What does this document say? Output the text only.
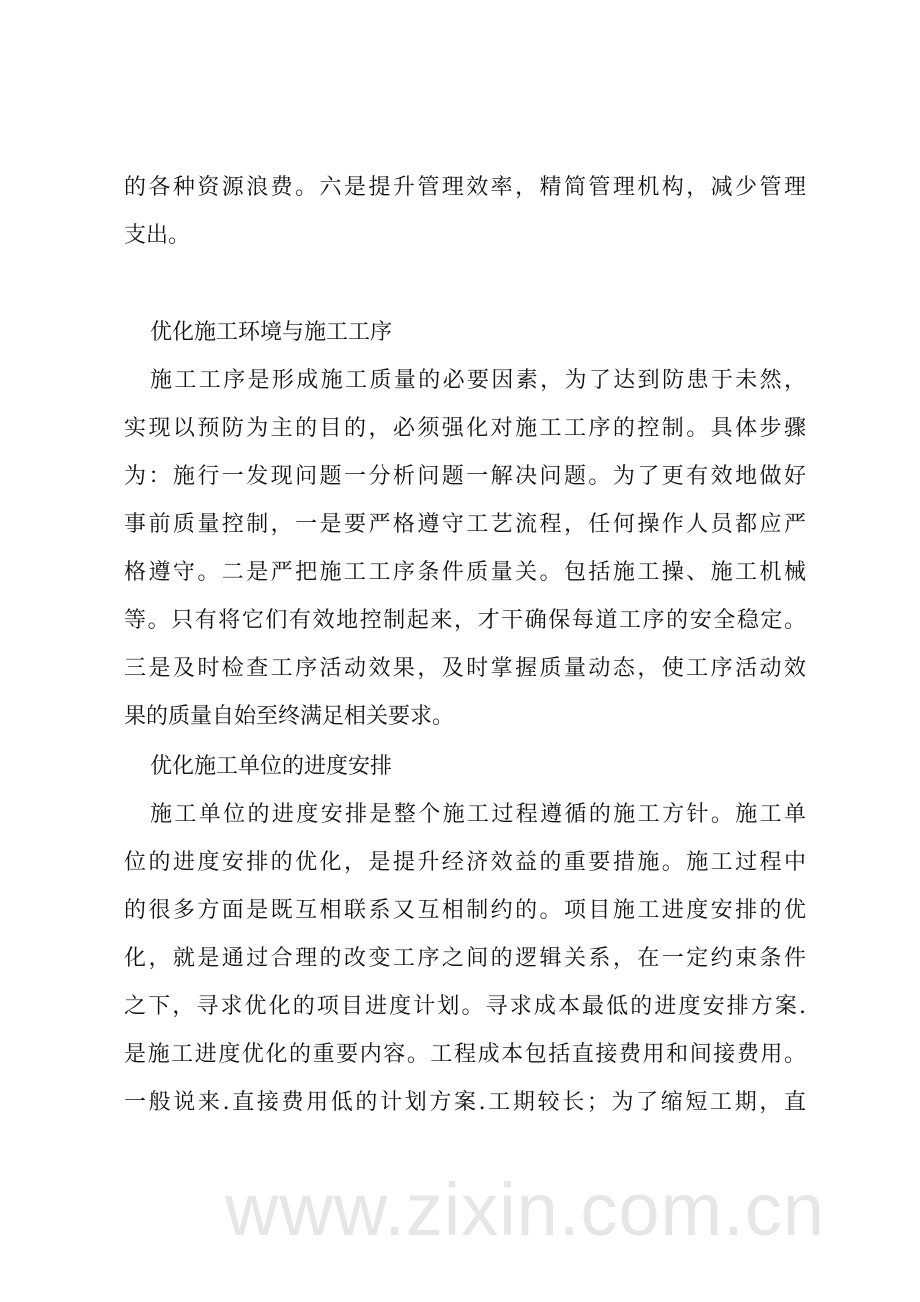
www.zixin.com.cn
的各种资源浪费。六是提升管理效率，精简管理机构，减少管理
支出。
优化施工环境与施工工序
施工工序是形成施工质量的必要因素，为了达到防患于未然，
实现以预防为主的目的，必须强化对施工工序的控制。具体步骤
为：施行一发现问题一分析问题一解决问题。为了更有效地做好
事前质量控制，一是要严格遵守工艺流程，任何操作人员都应严
格遵守。二是严把施工工序条件质量关。包括施工操、施工机械
等。只有将它们有效地控制起来，才干确保每道工序的安全稳定。
三是及时检查工序活动效果，及时掌握质量动态，使工序活动效
果的质量自始至终满足相关要求。
优化施工单位的进度安排
施工单位的进度安排是整个施工过程遵循的施工方针。施工单
位的进度安排的优化，是提升经济效益的重要措施。施工过程中
的很多方面是既互相联系又互相制约的。项目施工进度安排的优
化，就是通过合理的改变工序之间的逻辑关系，在一定约束条件
之下，寻求优化的项目进度计划。寻求成本最低的进度安排方案.
是施工进度优化的重要内容。工程成本包括直接费用和间接费用。
一般说来.直接费用低的计划方案.工期较长；为了缩短工期，直
